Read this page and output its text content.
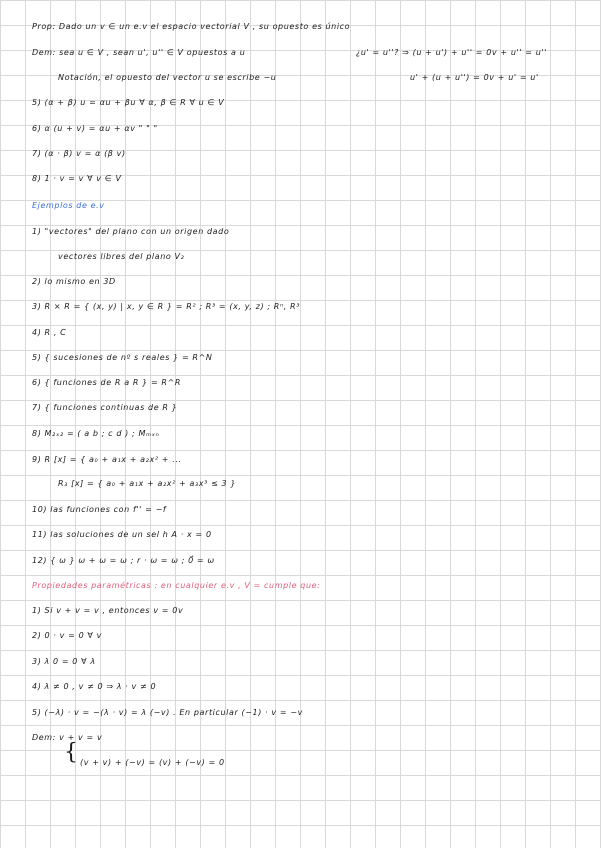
Prop: Dado un v ∈ un e.v el espacio vectorial V , su opuesto es único
Dem: sea u ∈ V , sean u', u'' ∈ V opuestos a u	¿u' = u''? ⇒ (u + u') + u'' = 0v + u'' = u''
Notación, el opuesto del vector u se escribe −u	u' + (u + u'') = 0v + u' = u'
5) (α + β) u = αu + βu ∀ α, β ∈ R ∀ u ∈ V
6) α (u + v) = αu + αv " " "
7) (α · β) v = α (β v)
8) 1 · v = v ∀ v ∈ V
Ejemplos de e.v
1) "vectores" del plano con un origen dado
vectores libres del plano V₂
2) lo mismo en 3D
3) R × R = { (x, y) | x, y ∈ R } = R² ; R³ = (x, y, z) ; Rⁿ, R³
4) R , C
5) { sucesiones de nº s reales } = R^N
6) { funciones de R a R } = R^R
7) { funciones continuas de R }
8) M₂ₓ₂ = ( a b ; c d ) ; Mₘₓₙ
9) R [x] = { a₀ + a₁x + a₂x² + ...
R₃ [x] = { a₀ + a₁x + a₂x² + a₃x³ ≤ 3 }
10) las funciones con f'' = −f
11) las soluciones de un sel h A · x = 0
12) { ω } ω + ω = ω ; r · ω = ω ; 0⃗ = ω
Propiedades paramétricas : en cualquier e.v , V = cumple que:
1) Si v + v = v , entonces v = 0v
2) 0 · v = 0 ∀ v
3) λ 0 = 0 ∀ λ
4) λ ≠ 0 , v ≠ 0 ⇒ λ · v ≠ 0
5) (−λ) · v = −(λ · v) = λ (−v) . En particular (−1) · v = −v
Dem: v + v = v
{ (v + v) + (−v) = (v) + (−v) = 0
